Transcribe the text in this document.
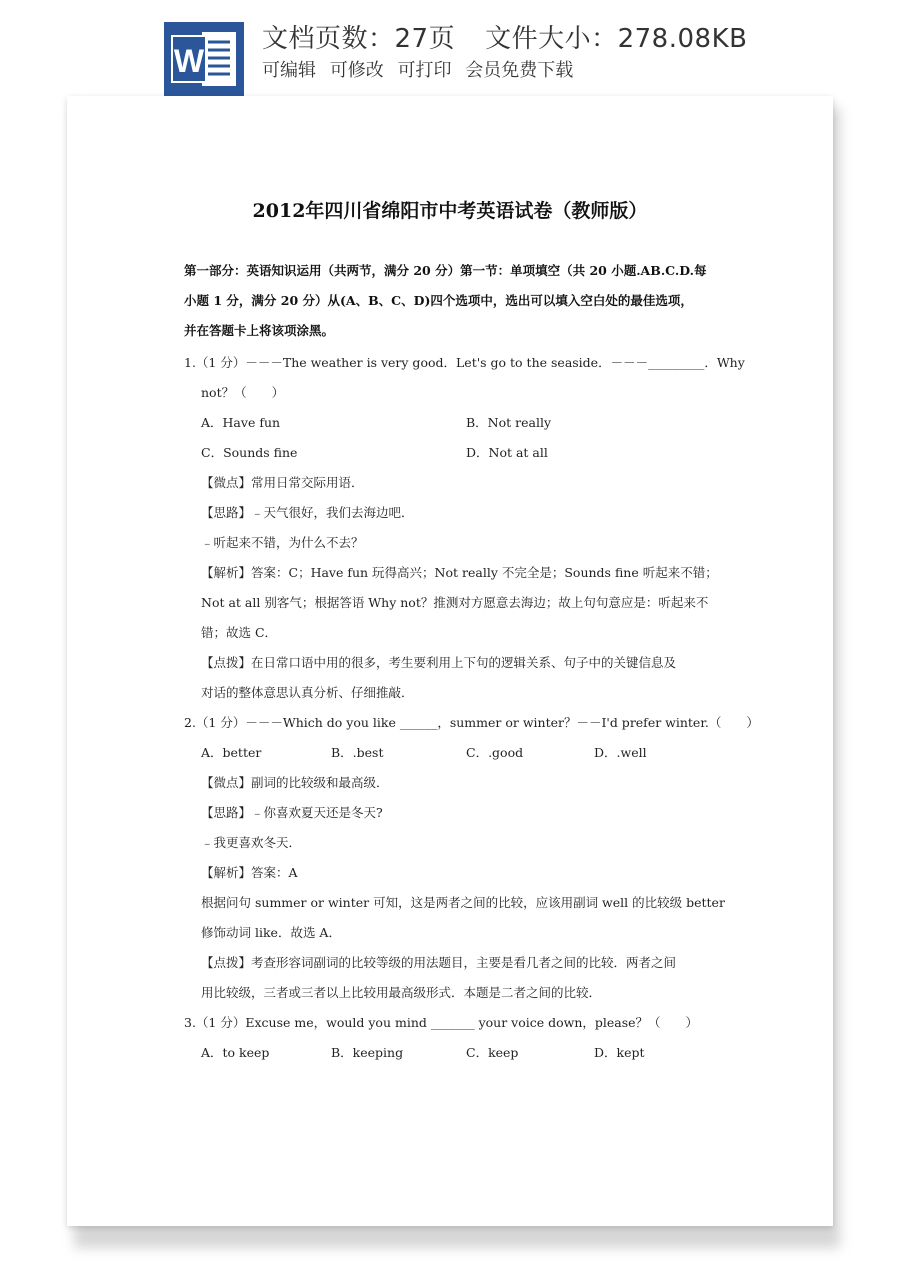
W
文档页数：27页 文件大小：278.08KB
可编辑 可修改 可打印 会员免费下载
2012年四川省绵阳市中考英语试卷（教师版）
第一部分：英语知识运用（共两节，满分 20 分）第一节：单项填空（共 20 小题.AB.C.D.每
小题 1 分，满分 20 分）从(A、B、C、D)四个选项中，选出可以填入空白处的最佳选项，
并在答题卡上将该项涂黑。
1.（1 分）－－－The weather is very good．Let's go to the seaside．－－－_________．Why
not？（　　）
A．Have fun	B．Not really
C．Sounds fine	D．Not at all
【微点】常用日常交际用语．
【思路】﹣天气很好，我们去海边吧．
﹣听起来不错，为什么不去？
【解析】答案：C；Have fun 玩得高兴；Not really 不完全是；Sounds fine 听起来不错；
Not at all 别客气；根据答语 Why not？推测对方愿意去海边；故上句句意应是：听起来不
错；故选 C．
【点拨】在日常口语中用的很多，考生要利用上下句的逻辑关系、句子中的关键信息及
对话的整体意思认真分析、仔细推敲．
2.（1 分）－－－Which do you like ______，summer or winter？－－I'd prefer winter.（　　）
A．better	B．.best	C．.good	D．.well
【微点】副词的比较级和最高级．
【思路】﹣你喜欢夏天还是冬天?
﹣我更喜欢冬天．
【解析】答案：A
根据问句 summer or winter 可知，这是两者之间的比较，应该用副词 well 的比较级 better
修饰动词 like．故选 A．
【点拨】考查形容词副词的比较等级的用法题目，主要是看几者之间的比较．两者之间
用比较级，三者或三者以上比较用最高级形式．本题是二者之间的比较．
3.（1 分）Excuse me，would you mind _______ your voice down，please？（　　）
A．to keep	B．keeping	C．keep	D．kept
